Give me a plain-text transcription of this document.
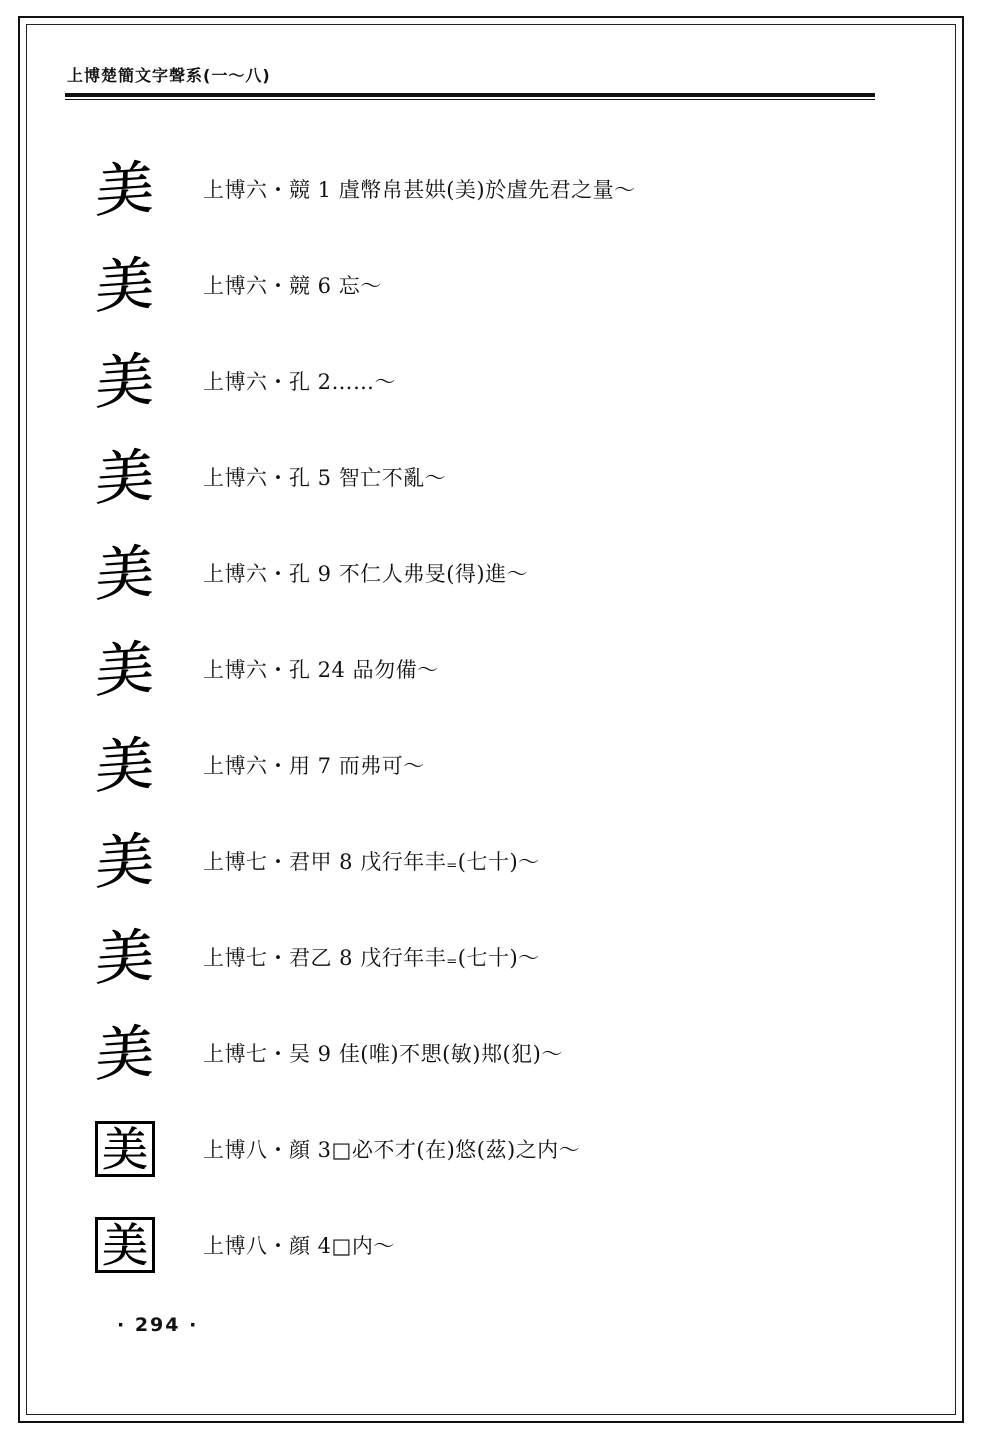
上博楚簡文字聲系(一～八)
美
美
美
美
美
美
美
美
美
美
美
美
上博六・競 1 虘幣帛甚娂(美)於虘先君之量～
上博六・競 6 忘～
上博六・孔 2……～
上博六・孔 5 智亡不亂～
上博六・孔 9 不仁人弗旻(得)進～
上博六・孔 24 品勿備～
上博六・用 7 而弗可～
上博七・君甲 8 戊行年丰₌(七十)～
上博七・君乙 8 戊行年丰₌(七十)～
上博七・吴 9 佳(唯)不愳(敏)䢼(犯)～
上博八・顔 3□必不才(在)悠(茲)之内～
上博八・顔 4□内～
· 294 ·
